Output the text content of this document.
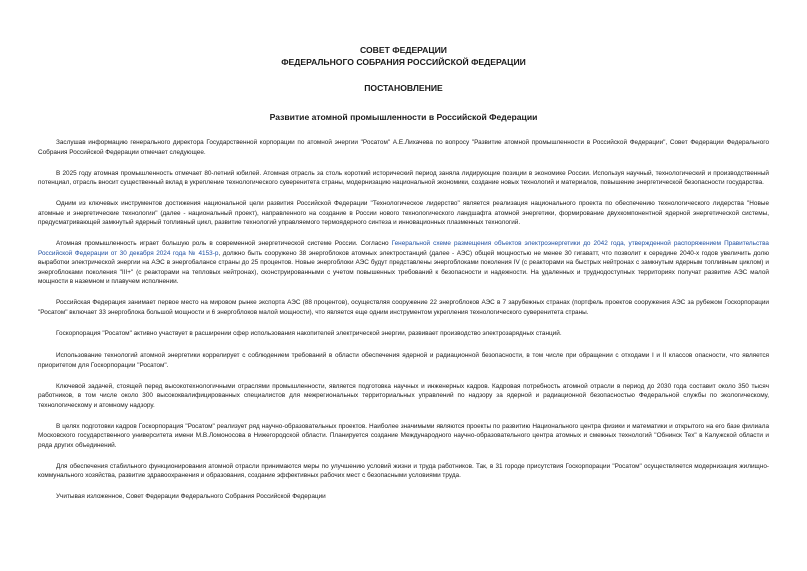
СОВЕТ ФЕДЕРАЦИИ
ФЕДЕРАЛЬНОГО СОБРАНИЯ РОССИЙСКОЙ ФЕДЕРАЦИИ
ПОСТАНОВЛЕНИЕ
Развитие атомной промышленности в Российской Федерации

Заслушав информацию генерального директора Государственной корпорации по атомной энергии "Росатом" А.Е.Лихачева по вопросу "Развитие атомной промышленности в Российской Федерации", Совет Федерации Федерального Собрания Российской Федерации отмечает следующее.

В 2025 году атомная промышленность отмечает 80-летний юбилей. Атомная отрасль за столь короткий исторический период заняла лидирующие позиции в экономике России. Используя научный, технологический и производственный потенциал, отрасль вносит существенный вклад в укрепление технологического суверенитета страны, модернизацию национальной экономики, создание новых технологий и материалов, повышение энергетической безопасности государства.

Одним из ключевых инструментов достижения национальной цели развития Российской Федерации "Технологическое лидерство" является реализация национального проекта по обеспечению технологического лидерства "Новые атомные и энергетические технологии" (далее - национальный проект), направленного на создание в России нового технологического ландшафта атомной энергетики, формирование двухкомпонентной ядерной энергетической системы, предусматривающей замкнутый ядерный топливный цикл, развитие технологий управляемого термоядерного синтеза и инновационных плазменных технологий.

Атомная промышленность играет большую роль в современной энергетической системе России. Согласно Генеральной схеме размещения объектов электроэнергетики до 2042 года, утвержденной распоряжением Правительства Российской Федерации от 30 декабря 2024 года № 4153-р, должно быть сооружено 38 энергоблоков атомных электростанций (далее - АЭС) общей мощностью не менее 30 гигаватт, что позволит к середине 2040-х годов увеличить долю выработки электрической энергии на АЭС в энергобалансе страны до 25 процентов. Новые энергоблоки АЭС будут представлены энергоблоками поколения IV (с реакторами на быстрых нейтронах с замкнутым ядерным топливным циклом) и энергоблоками поколения "III+" (с реакторами на тепловых нейтронах), сконструированными с учетом повышенных требований к безопасности и надежности. На удаленных и труднодоступных территориях получат развитие АЭС малой мощности в наземном и плавучем исполнении.

Российская Федерация занимает первое место на мировом рынке экспорта АЭС (88 процентов), осуществляя сооружение 22 энергоблоков АЭС в 7 зарубежных странах (портфель проектов сооружения АЭС за рубежом Госкорпорации "Росатом" включает 33 энергоблока большой мощности и 6 энергоблоков малой мощности), что является еще одним инструментом укрепления технологического суверенитета страны.

Госкорпорация "Росатом" активно участвует в расширении сфер использования накопителей электрической энергии, развивает производство электрозарядных станций.

Использование технологий атомной энергетики коррелирует с соблюдением требований в области обеспечения ядерной и радиационной безопасности, в том числе при обращении с отходами I и II классов опасности, что является приоритетом для Госкорпорации "Росатом".

Ключевой задачей, стоящей перед высокотехнологичными отраслями промышленности, является подготовка научных и инженерных кадров. Кадровая потребность атомной отрасли в период до 2030 года составит около 350 тысяч работников, в том числе около 300 высококвалифицированных специалистов для межрегиональных территориальных управлений по надзору за ядерной и радиационной безопасностью Федеральной службы по экологическому, технологическому и атомному надзору.

В целях подготовки кадров Госкорпорация "Росатом" реализует ряд научно-образовательных проектов. Наиболее значимыми являются проекты по развитию Национального центра физики и математики и открытого на его базе филиала Московского государственного университета имени М.В.Ломоносова в Нижегородской области. Планируется создание Международного научно-образовательного центра атомных и смежных технологий "Обнинск Тех" в Калужской области и ряда других объединений.

Для обеспечения стабильного функционирования атомной отрасли принимаются меры по улучшению условий жизни и труда работников. Так, в 31 городе присутствия Госкорпорации "Росатом" осуществляется модернизация жилищно-коммунального хозяйства, развитие здравоохранения и образования, создание эффективных рабочих мест с безопасными условиями труда.

Учитывая изложенное, Совет Федерации Федерального Собрания Российской Федерации
